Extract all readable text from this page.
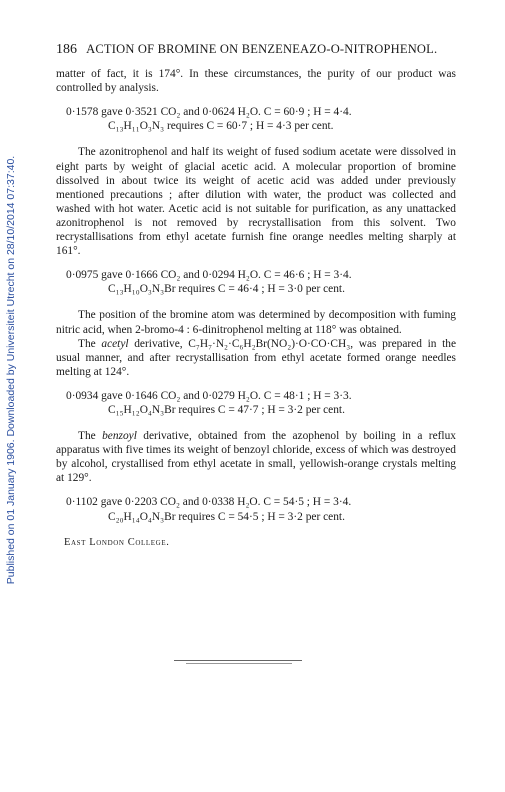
Published on 01 January 1906. Downloaded by Universiteit Utrecht on 28/10/2014 07:37:40.
186 ACTION OF BROMINE ON BENZENEAZO-O-NITROPHENOL.

matter of fact, it is 174°. In these circumstances, the purity of our product was controlled by analysis.

0·1578 gave 0·3521 CO₂ and 0·0624 H₂O. C = 60·9 ; H = 4·4.
C₁₃H₁₁O₃N₃ requires C = 60·7 ; H = 4·3 per cent.

The azonitrophenol and half its weight of fused sodium acetate were dissolved in eight parts by weight of glacial acetic acid. A molecular proportion of bromine dissolved in about twice its weight of acetic acid was added under previously mentioned precautions ; after dilution with water, the product was collected and washed with hot water. Acetic acid is not suitable for purification, as any unattacked azonitrophenol is not removed by recrystallisation from this solvent. Two recrystallisations from ethyl acetate furnish fine orange needles melting sharply at 161°.

0·0975 gave 0·1666 CO₂ and 0·0294 H₂O. C = 46·6 ; H = 3·4.
C₁₃H₁₀O₃N₃Br requires C = 46·4 ; H = 3·0 per cent.

The position of the bromine atom was determined by decomposition with fuming nitric acid, when 2-bromo-4 : 6-dinitrophenol melting at 118° was obtained.

The acetyl derivative, C₇H₇·N₂·C₆H₂Br(NO₂)·O·CO·CH₃, was prepared in the usual manner, and after recrystallisation from ethyl acetate formed orange needles melting at 124°.

0·0934 gave 0·1646 CO₂ and 0·0279 H₂O. C = 48·1 ; H = 3·3.
C₁₅H₁₂O₄N₃Br requires C = 47·7 ; H = 3·2 per cent.

The benzoyl derivative, obtained from the azophenol by boiling in a reflux apparatus with five times its weight of benzoyl chloride, excess of which was destroyed by alcohol, crystallised from ethyl acetate in small, yellowish-orange crystals melting at 129°.

0·1102 gave 0·2203 CO₂ and 0·0338 H₂O. C = 54·5 ; H = 3·4.
C₂₀H₁₄O₄N₃Br requires C = 54·5 ; H = 3·2 per cent.
East London College.
